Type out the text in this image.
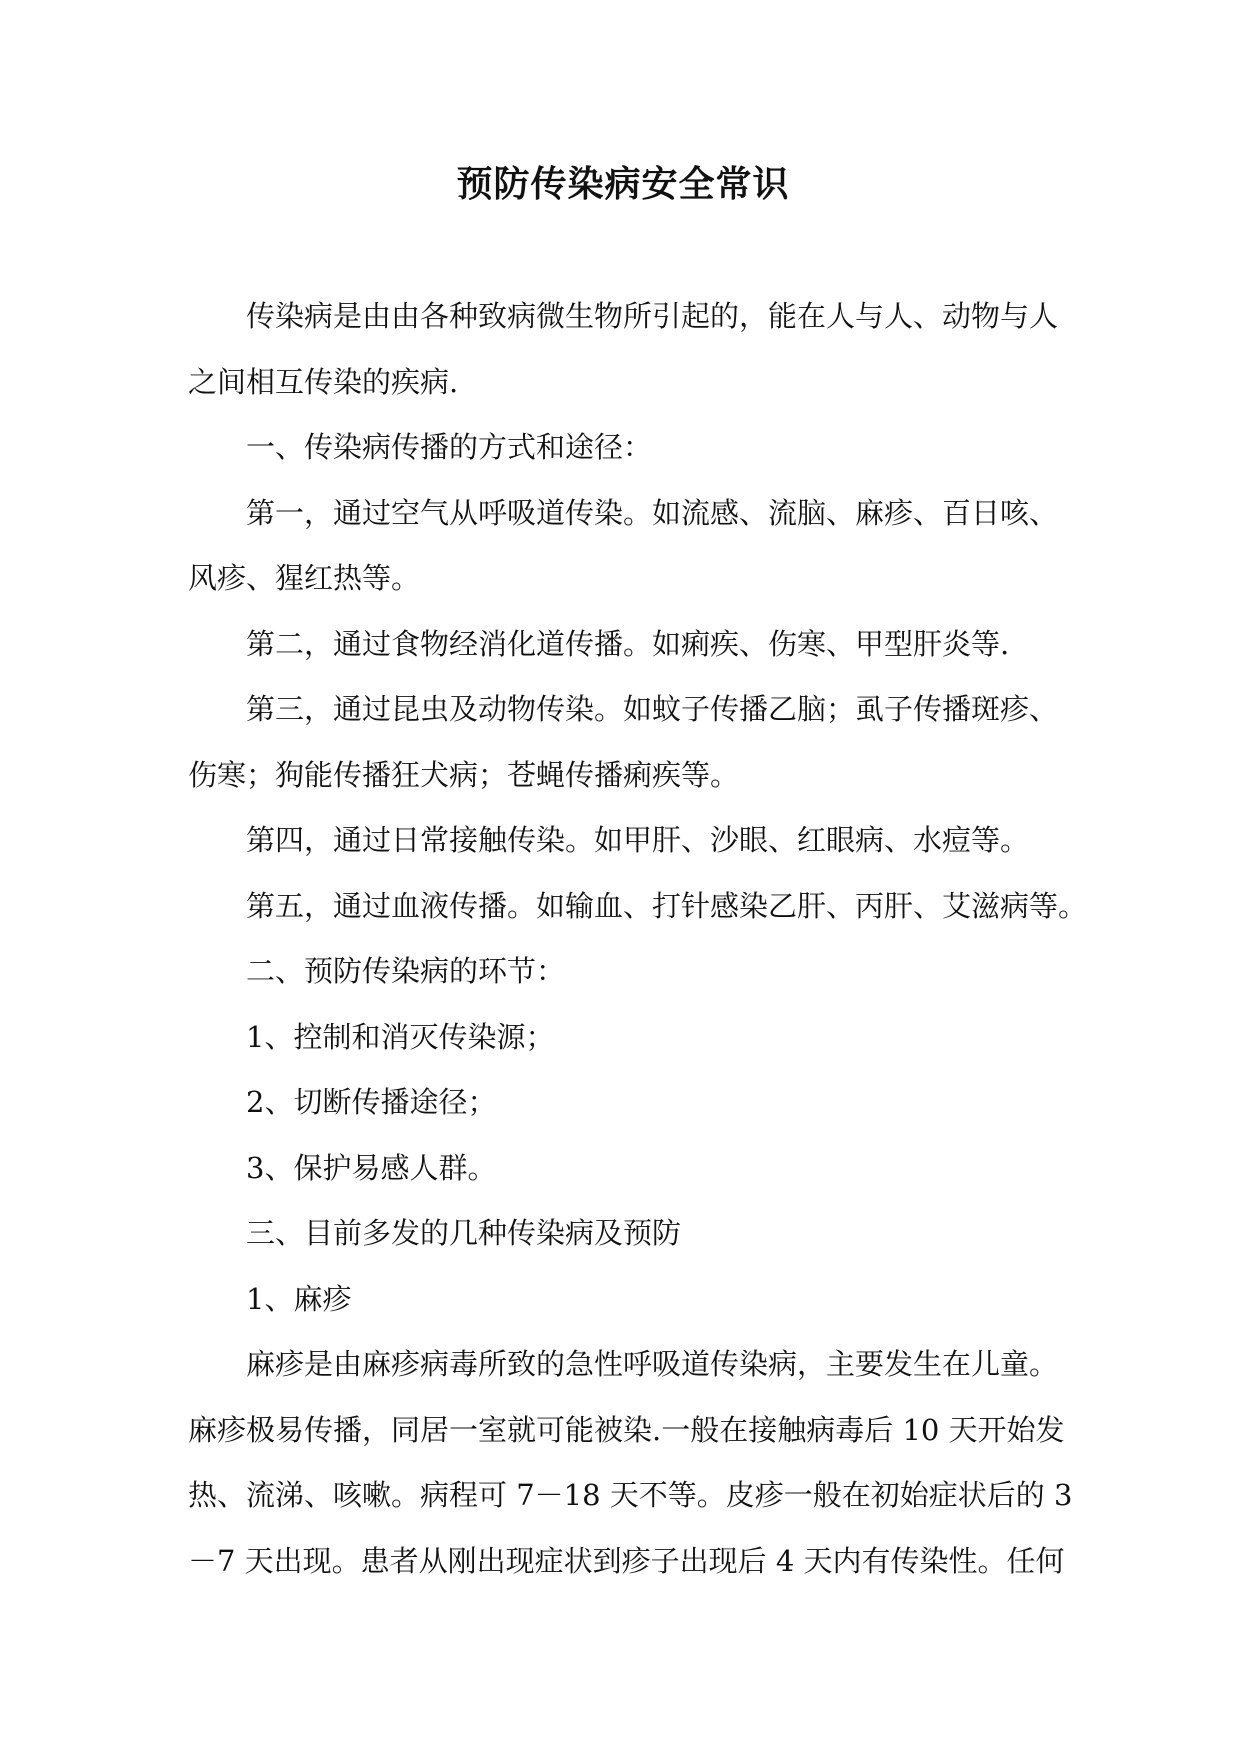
预防传染病安全常识
传染病是由由各种致病微生物所引起的，能在人与人、动物与人
之间相互传染的疾病.
一、传染病传播的方式和途径：
第一，通过空气从呼吸道传染。如流感、流脑、麻疹、百日咳、
风疹、猩红热等。
第二，通过食物经消化道传播。如痢疾、伤寒、甲型肝炎等.
第三，通过昆虫及动物传染。如蚊子传播乙脑；虱子传播斑疹、
伤寒；狗能传播狂犬病；苍蝇传播痢疾等。
第四，通过日常接触传染。如甲肝、沙眼、红眼病、水痘等。
第五，通过血液传播。如输血、打针感染乙肝、丙肝、艾滋病等。
二、预防传染病的环节：
1、控制和消灭传染源；
2、切断传播途径；
3、保护易感人群。
三、目前多发的几种传染病及预防
1、麻疹
麻疹是由麻疹病毒所致的急性呼吸道传染病，主要发生在儿童。
麻疹极易传播，同居一室就可能被染.一般在接触病毒后 10 天开始发
热、流涕、咳嗽。病程可 7－18 天不等。皮疹一般在初始症状后的 3
－7 天出现。患者从刚出现症状到疹子出现后 4 天内有传染性。任何
